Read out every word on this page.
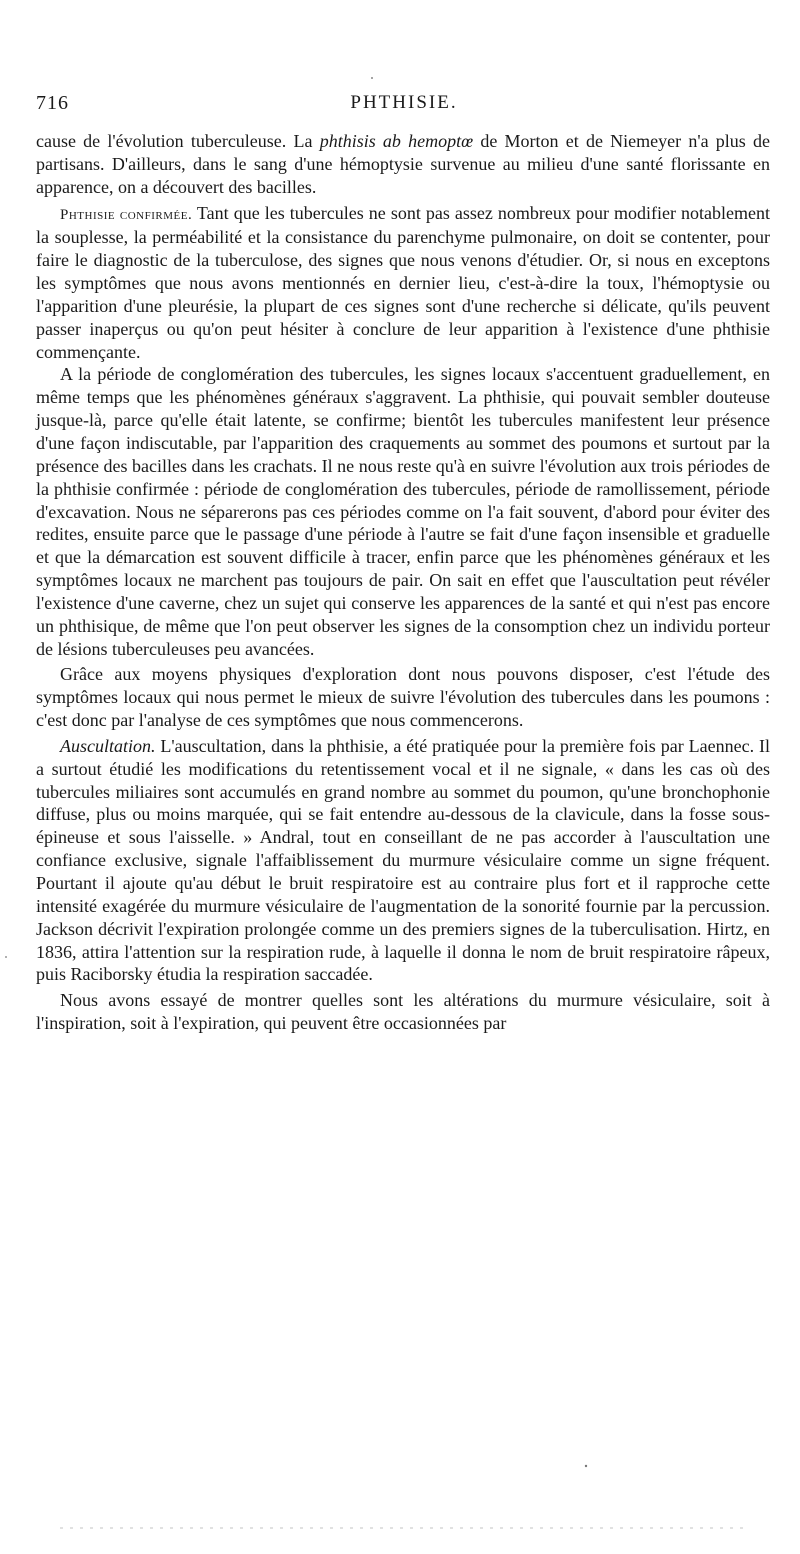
716	PHTHISIE.

cause de l'évolution tuberculeuse. La phthisis ab hemoptœ de Morton et de Niemeyer n'a plus de partisans. D'ailleurs, dans le sang d'une hémoptysie survenue au milieu d'une santé florissante en apparence, on a découvert des bacilles.

Phthisie confirmée. Tant que les tubercules ne sont pas assez nombreux pour modifier notablement la souplesse, la perméabilité et la consistance du parenchyme pulmonaire, on doit se contenter, pour faire le diagnostic de la tuberculose, des signes que nous venons d'étudier. Or, si nous en exceptons les symptômes que nous avons mentionnés en dernier lieu, c'est-à-dire la toux, l'hémoptysie ou l'apparition d'une pleurésie, la plupart de ces signes sont d'une recherche si délicate, qu'ils peuvent passer inaperçus ou qu'on peut hésiter à conclure de leur apparition à l'existence d'une phthisie commençante.

A la période de conglomération des tubercules, les signes locaux s'accentuent graduellement, en même temps que les phénomènes généraux s'aggravent. La phthisie, qui pouvait sembler douteuse jusque-là, parce qu'elle était latente, se confirme; bientôt les tubercules manifestent leur présence d'une façon indiscutable, par l'apparition des craquements au sommet des poumons et surtout par la présence des bacilles dans les crachats. Il ne nous reste qu'à en suivre l'évolution aux trois périodes de la phthisie confirmée : période de conglomération des tubercules, période de ramollissement, période d'excavation. Nous ne séparerons pas ces périodes comme on l'a fait souvent, d'abord pour éviter des redites, ensuite parce que le passage d'une période à l'autre se fait d'une façon insensible et graduelle et que la démarcation est souvent difficile à tracer, enfin parce que les phénomènes généraux et les symptômes locaux ne marchent pas toujours de pair. On sait en effet que l'auscultation peut révéler l'existence d'une caverne, chez un sujet qui conserve les apparences de la santé et qui n'est pas encore un phthisique, de même que l'on peut observer les signes de la consomption chez un individu porteur de lésions tuberculeuses peu avancées.

Grâce aux moyens physiques d'exploration dont nous pouvons disposer, c'est l'étude des symptômes locaux qui nous permet le mieux de suivre l'évolution des tubercules dans les poumons : c'est donc par l'analyse de ces symptômes que nous commencerons.

Auscultation. L'auscultation, dans la phthisie, a été pratiquée pour la première fois par Laennec. Il a surtout étudié les modifications du retentissement vocal et il ne signale, « dans les cas où des tubercules miliaires sont accumulés en grand nombre au sommet du poumon, qu'une bronchophonie diffuse, plus ou moins marquée, qui se fait entendre au-dessous de la clavicule, dans la fosse sous-épineuse et sous l'aisselle. » Andral, tout en conseillant de ne pas accorder à l'auscultation une confiance exclusive, signale l'affaiblissement du murmure vésiculaire comme un signe fréquent. Pourtant il ajoute qu'au début le bruit respiratoire est au contraire plus fort et il rapproche cette intensité exagérée du murmure vésiculaire de l'augmentation de la sonorité fournie par la percussion. Jackson décrivit l'expiration prolongée comme un des premiers signes de la tuberculisation. Hirtz, en 1836, attira l'attention sur la respiration rude, à laquelle il donna le nom de bruit respiratoire râpeux, puis Raciborsky étudia la respiration saccadée.

Nous avons essayé de montrer quelles sont les altérations du murmure vésiculaire, soit à l'inspiration, soit à l'expiration, qui peuvent être occasionnées par
